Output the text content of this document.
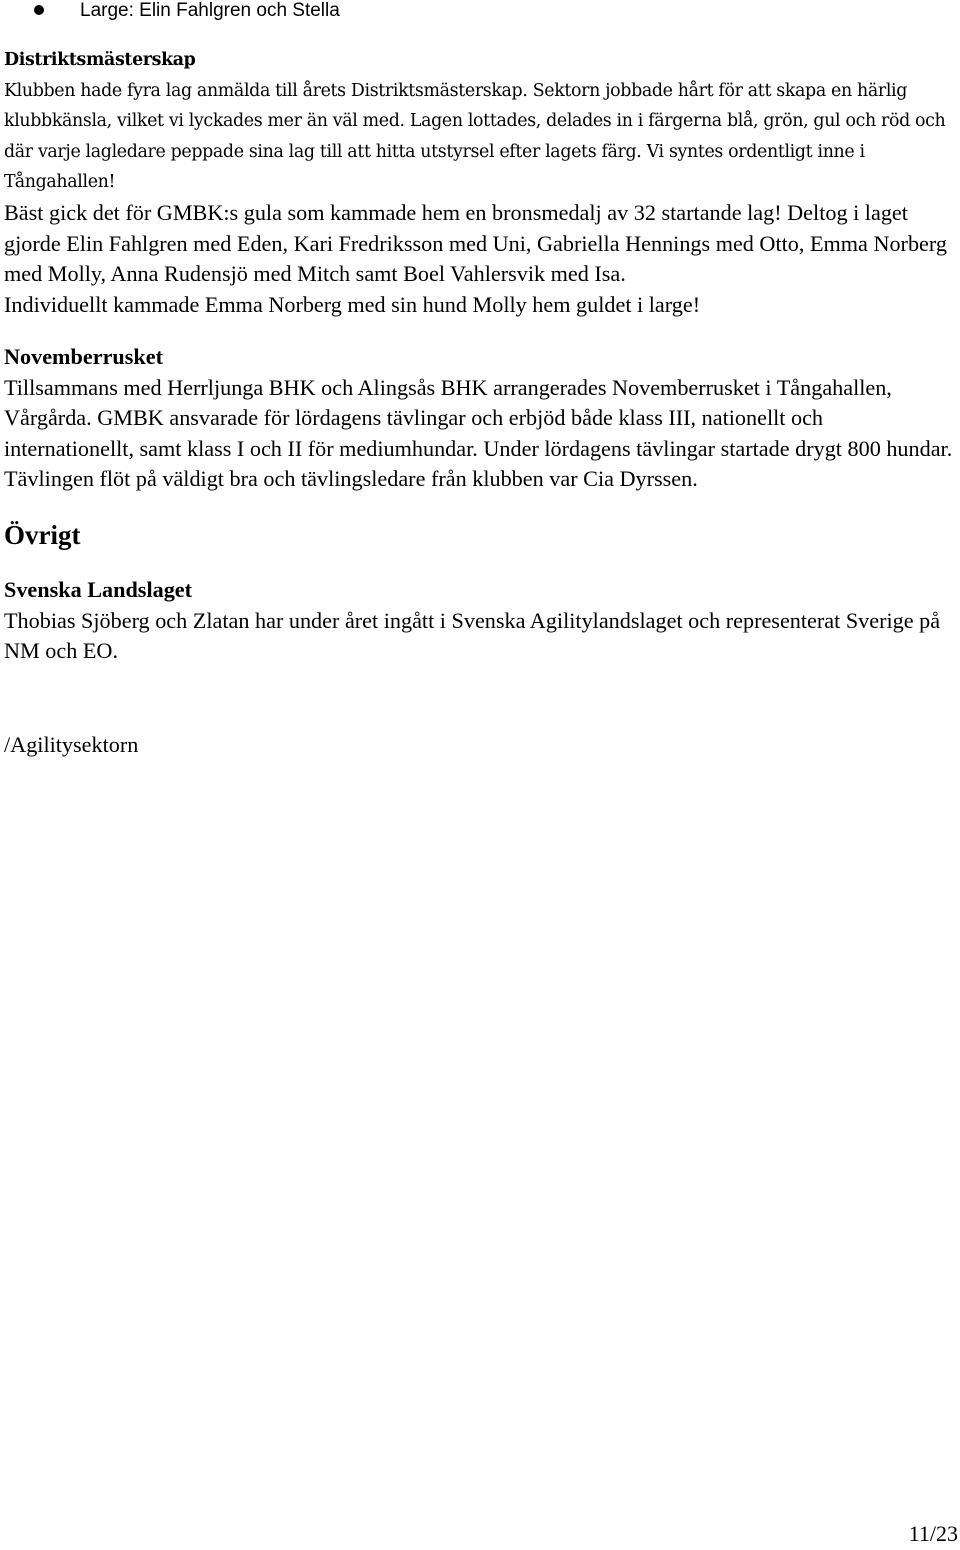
Large: Elin Fahlgren och Stella

Distriktsmästerskap

Klubben hade fyra lag anmälda till årets Distriktsmästerskap. Sektorn jobbade hårt för att skapa en härlig klubbkänsla, vilket vi lyckades mer än väl med. Lagen lottades, delades in i färgerna blå, grön, gul och röd och där varje lagledare peppade sina lag till att hitta utstyrsel efter lagets färg. Vi syntes ordentligt inne i Tångahallen!

Bäst gick det för GMBK:s gula som kammade hem en bronsmedalj av 32 startande lag! Deltog i laget gjorde Elin Fahlgren med Eden, Kari Fredriksson med Uni, Gabriella Hennings med Otto, Emma Norberg med Molly, Anna Rudensjö med Mitch samt Boel Vahlersvik med Isa.

Individuellt kammade Emma Norberg med sin hund Molly hem guldet i large!

Novemberrusket

Tillsammans med Herrljunga BHK och Alingsås BHK arrangerades Novemberrusket i Tångahallen, Vårgårda. GMBK ansvarade för lördagens tävlingar och erbjöd både klass III, nationellt och internationellt, samt klass I och II för mediumhundar. Under lördagens tävlingar startade drygt 800 hundar. Tävlingen flöt på väldigt bra och tävlingsledare från klubben var Cia Dyrssen.

Övrigt

Svenska Landslaget

Thobias Sjöberg och Zlatan har under året ingått i Svenska Agilitylandslaget och representerat Sverige på NM och EO.

/Agilitysektorn
11/23
